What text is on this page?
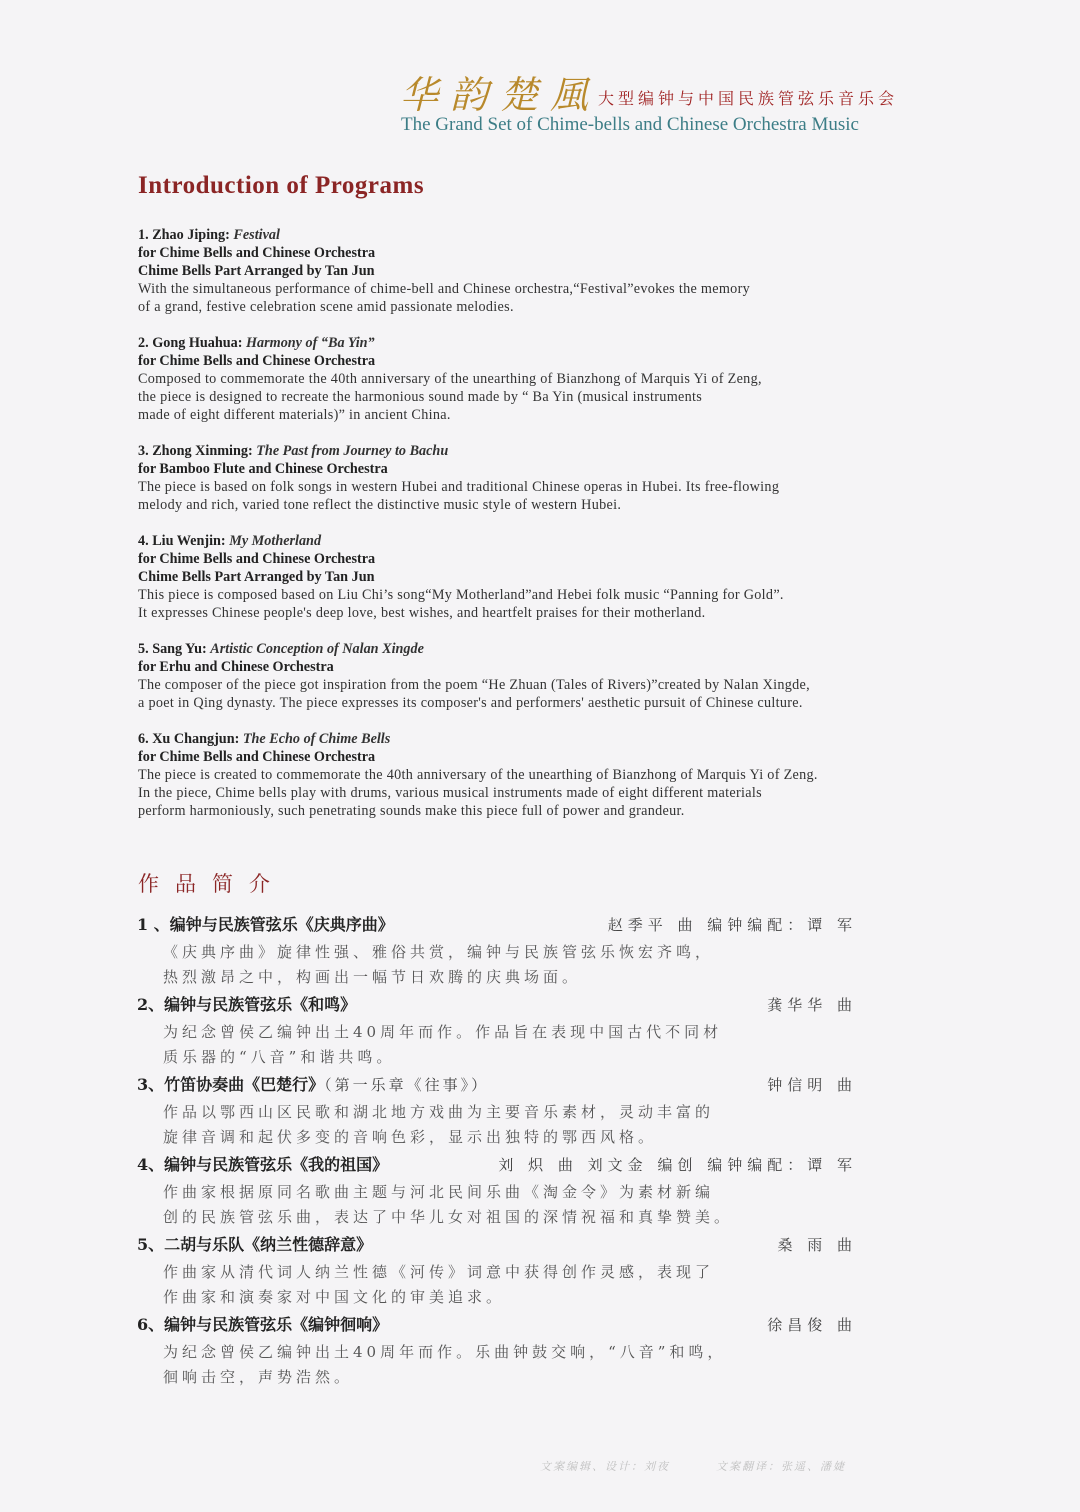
华韵楚風
大型编钟与中国民族管弦乐音乐会
The Grand Set of Chime-bells and Chinese Orchestra Music
Introduction of Programs
1. Zhao Jiping: Festival
for Chime Bells and Chinese Orchestra
Chime Bells Part Arranged by Tan Jun
With the simultaneous performance of chime-bell and Chinese orchestra,“Festival”evokes the memory
of a grand, festive celebration scene amid passionate melodies.
2. Gong Huahua: Harmony of “Ba Yin”
for Chime Bells and Chinese Orchestra
Composed to commemorate the 40th anniversary of the unearthing of Bianzhong of Marquis Yi of Zeng,
the piece is designed to recreate the harmonious sound made by “ Ba Yin (musical instruments
made of eight different materials)” in ancient China.
3. Zhong Xinming: The Past from Journey to Bachu
for Bamboo Flute and Chinese Orchestra
The piece is based on folk songs in western Hubei and traditional Chinese operas in Hubei. Its free-flowing
melody and rich, varied tone reflect the distinctive music style of western Hubei.
4. Liu Wenjin: My Motherland
for Chime Bells and Chinese Orchestra
Chime Bells Part Arranged by Tan Jun
This piece is composed based on Liu Chi’s song“My Motherland”and Hebei folk music “Panning for Gold”.
It expresses Chinese people's deep love, best wishes, and heartfelt praises for their motherland.
5. Sang Yu: Artistic Conception of Nalan Xingde
for Erhu and Chinese Orchestra
The composer of the piece got inspiration from the poem “He Zhuan (Tales of Rivers)”created by Nalan Xingde,
a poet in Qing dynasty. The piece expresses its composer's and performers' aesthetic pursuit of Chinese culture.
6. Xu Changjun: The Echo of Chime Bells
for Chime Bells and Chinese Orchestra
The piece is created to commemorate the 40th anniversary of the unearthing of Bianzhong of Marquis Yi of Zeng.
In the piece, Chime bells play with drums, various musical instruments made of eight different materials
perform harmoniously, such penetrating sounds make this piece full of power and grandeur.
作品简介
1 、编钟与民族管弦乐《庆典序曲》	赵季平 曲 编钟编配：谭 军
《庆典序曲》旋律性强、雅俗共赏，编钟与民族管弦乐恢宏齐鸣，
热烈激昂之中，构画出一幅节日欢腾的庆典场面。
2、编钟与民族管弦乐《和鸣》	龚华华 曲
为纪念曾侯乙编钟出土40周年而作。作品旨在表现中国古代不同材
质乐器的“八音”和谐共鸣。
3、竹笛协奏曲《巴楚行》（第一乐章《往事》）	钟信明 曲
作品以鄂西山区民歌和湖北地方戏曲为主要音乐素材，灵动丰富的
旋律音调和起伏多变的音响色彩，显示出独特的鄂西风格。
4、编钟与民族管弦乐《我的祖国》	刘 炽 曲 刘文金 编创 编钟编配：谭 军
作曲家根据原同名歌曲主题与河北民间乐曲《淘金令》为素材新编
创的民族管弦乐曲，表达了中华儿女对祖国的深情祝福和真挚赞美。
5、二胡与乐队《纳兰性德辞意》	桑 雨 曲
作曲家从清代词人纳兰性德《河传》词意中获得创作灵感，表现了
作曲家和演奏家对中国文化的审美追求。
6、编钟与民族管弦乐《编钟徊响》	徐昌俊 曲
为纪念曾侯乙编钟出土40周年而作。乐曲钟鼓交响，“八音”和鸣，
徊响击空，声势浩然。
文案编辑、设计：刘夜	文案翻译：张遥、潘婕
